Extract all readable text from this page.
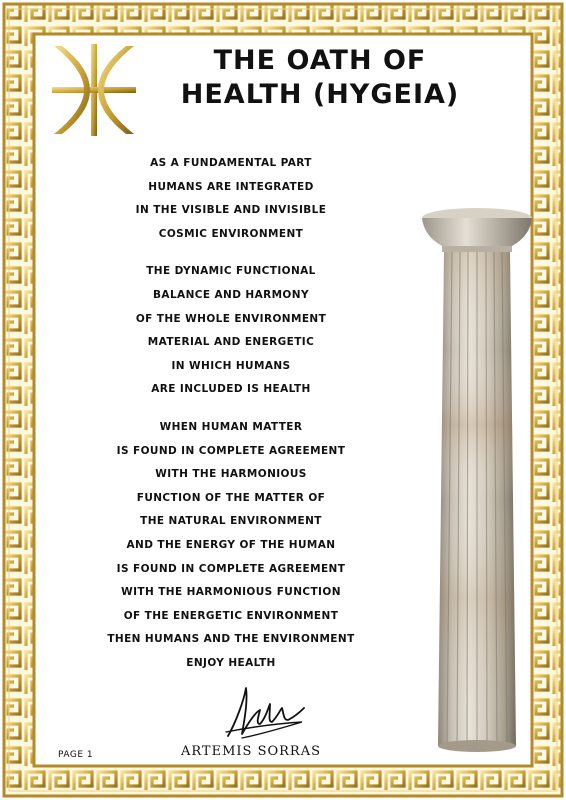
THE OATH OF
HEALTH (HYGEIA)
AS A FUNDAMENTAL PART
HUMANS ARE INTEGRATED
IN THE VISIBLE AND INVISIBLE
COSMIC ENVIRONMENT
THE DYNAMIC FUNCTIONAL
BALANCE AND HARMONY
OF THE WHOLE ENVIRONMENT
MATERIAL AND ENERGETIC
IN WHICH HUMANS
ARE INCLUDED IS HEALTH
WHEN HUMAN MATTER
IS FOUND IN COMPLETE AGREEMENT
WITH THE HARMONIOUS
FUNCTION OF THE MATTER OF
THE NATURAL ENVIRONMENT
AND THE ENERGY OF THE HUMAN
IS FOUND IN COMPLETE AGREEMENT
WITH THE HARMONIOUS FUNCTION
OF THE ENERGETIC ENVIRONMENT
THEN HUMANS AND THE ENVIRONMENT
ENJOY HEALTH
ARTEMIS SORRAS
PAGE 1
